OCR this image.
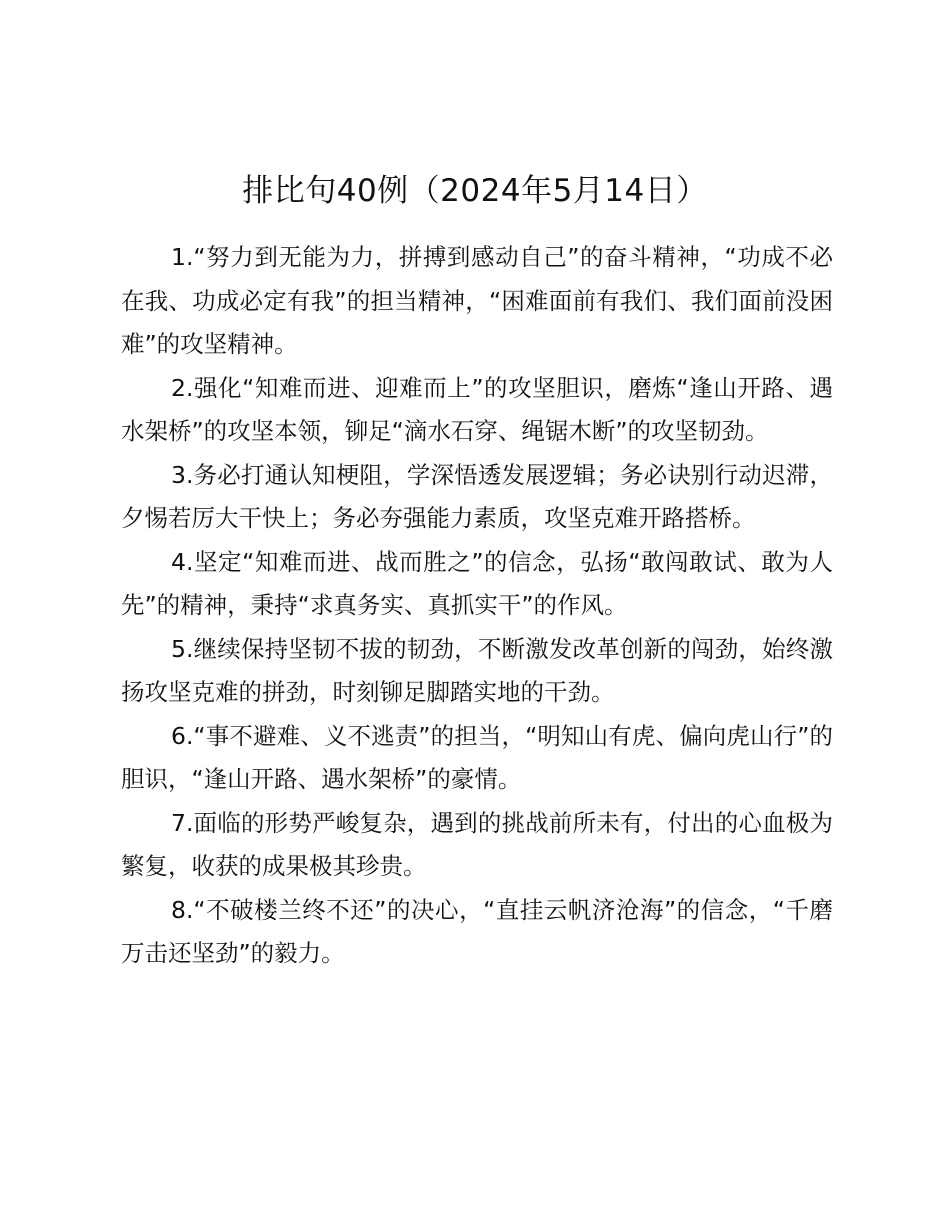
排比句40例（2024年5月14日）

1.“努力到无能为力，拼搏到感动自己”的奋斗精神，“功成不必在我、功成必定有我”的担当精神，“困难面前有我们、我们面前没困难”的攻坚精神。

2.强化“知难而进、迎难而上”的攻坚胆识，磨炼“逢山开路、遇水架桥”的攻坚本领，铆足“滴水石穿、绳锯木断”的攻坚韧劲。

3.务必打通认知梗阻，学深悟透发展逻辑；务必诀别行动迟滞，夕惕若厉大干快上；务必夯强能力素质，攻坚克难开路搭桥。

4.坚定“知难而进、战而胜之”的信念，弘扬“敢闯敢试、敢为人先”的精神，秉持“求真务实、真抓实干”的作风。

5.继续保持坚韧不拔的韧劲，不断激发改革创新的闯劲，始终激扬攻坚克难的拼劲，时刻铆足脚踏实地的干劲。

6.“事不避难、义不逃责”的担当，“明知山有虎、偏向虎山行”的胆识，“逢山开路、遇水架桥”的豪情。

7.面临的形势严峻复杂，遇到的挑战前所未有，付出的心血极为繁复，收获的成果极其珍贵。

8.“不破楼兰终不还”的决心，“直挂云帆济沧海”的信念，“千磨万击还坚劲”的毅力。
